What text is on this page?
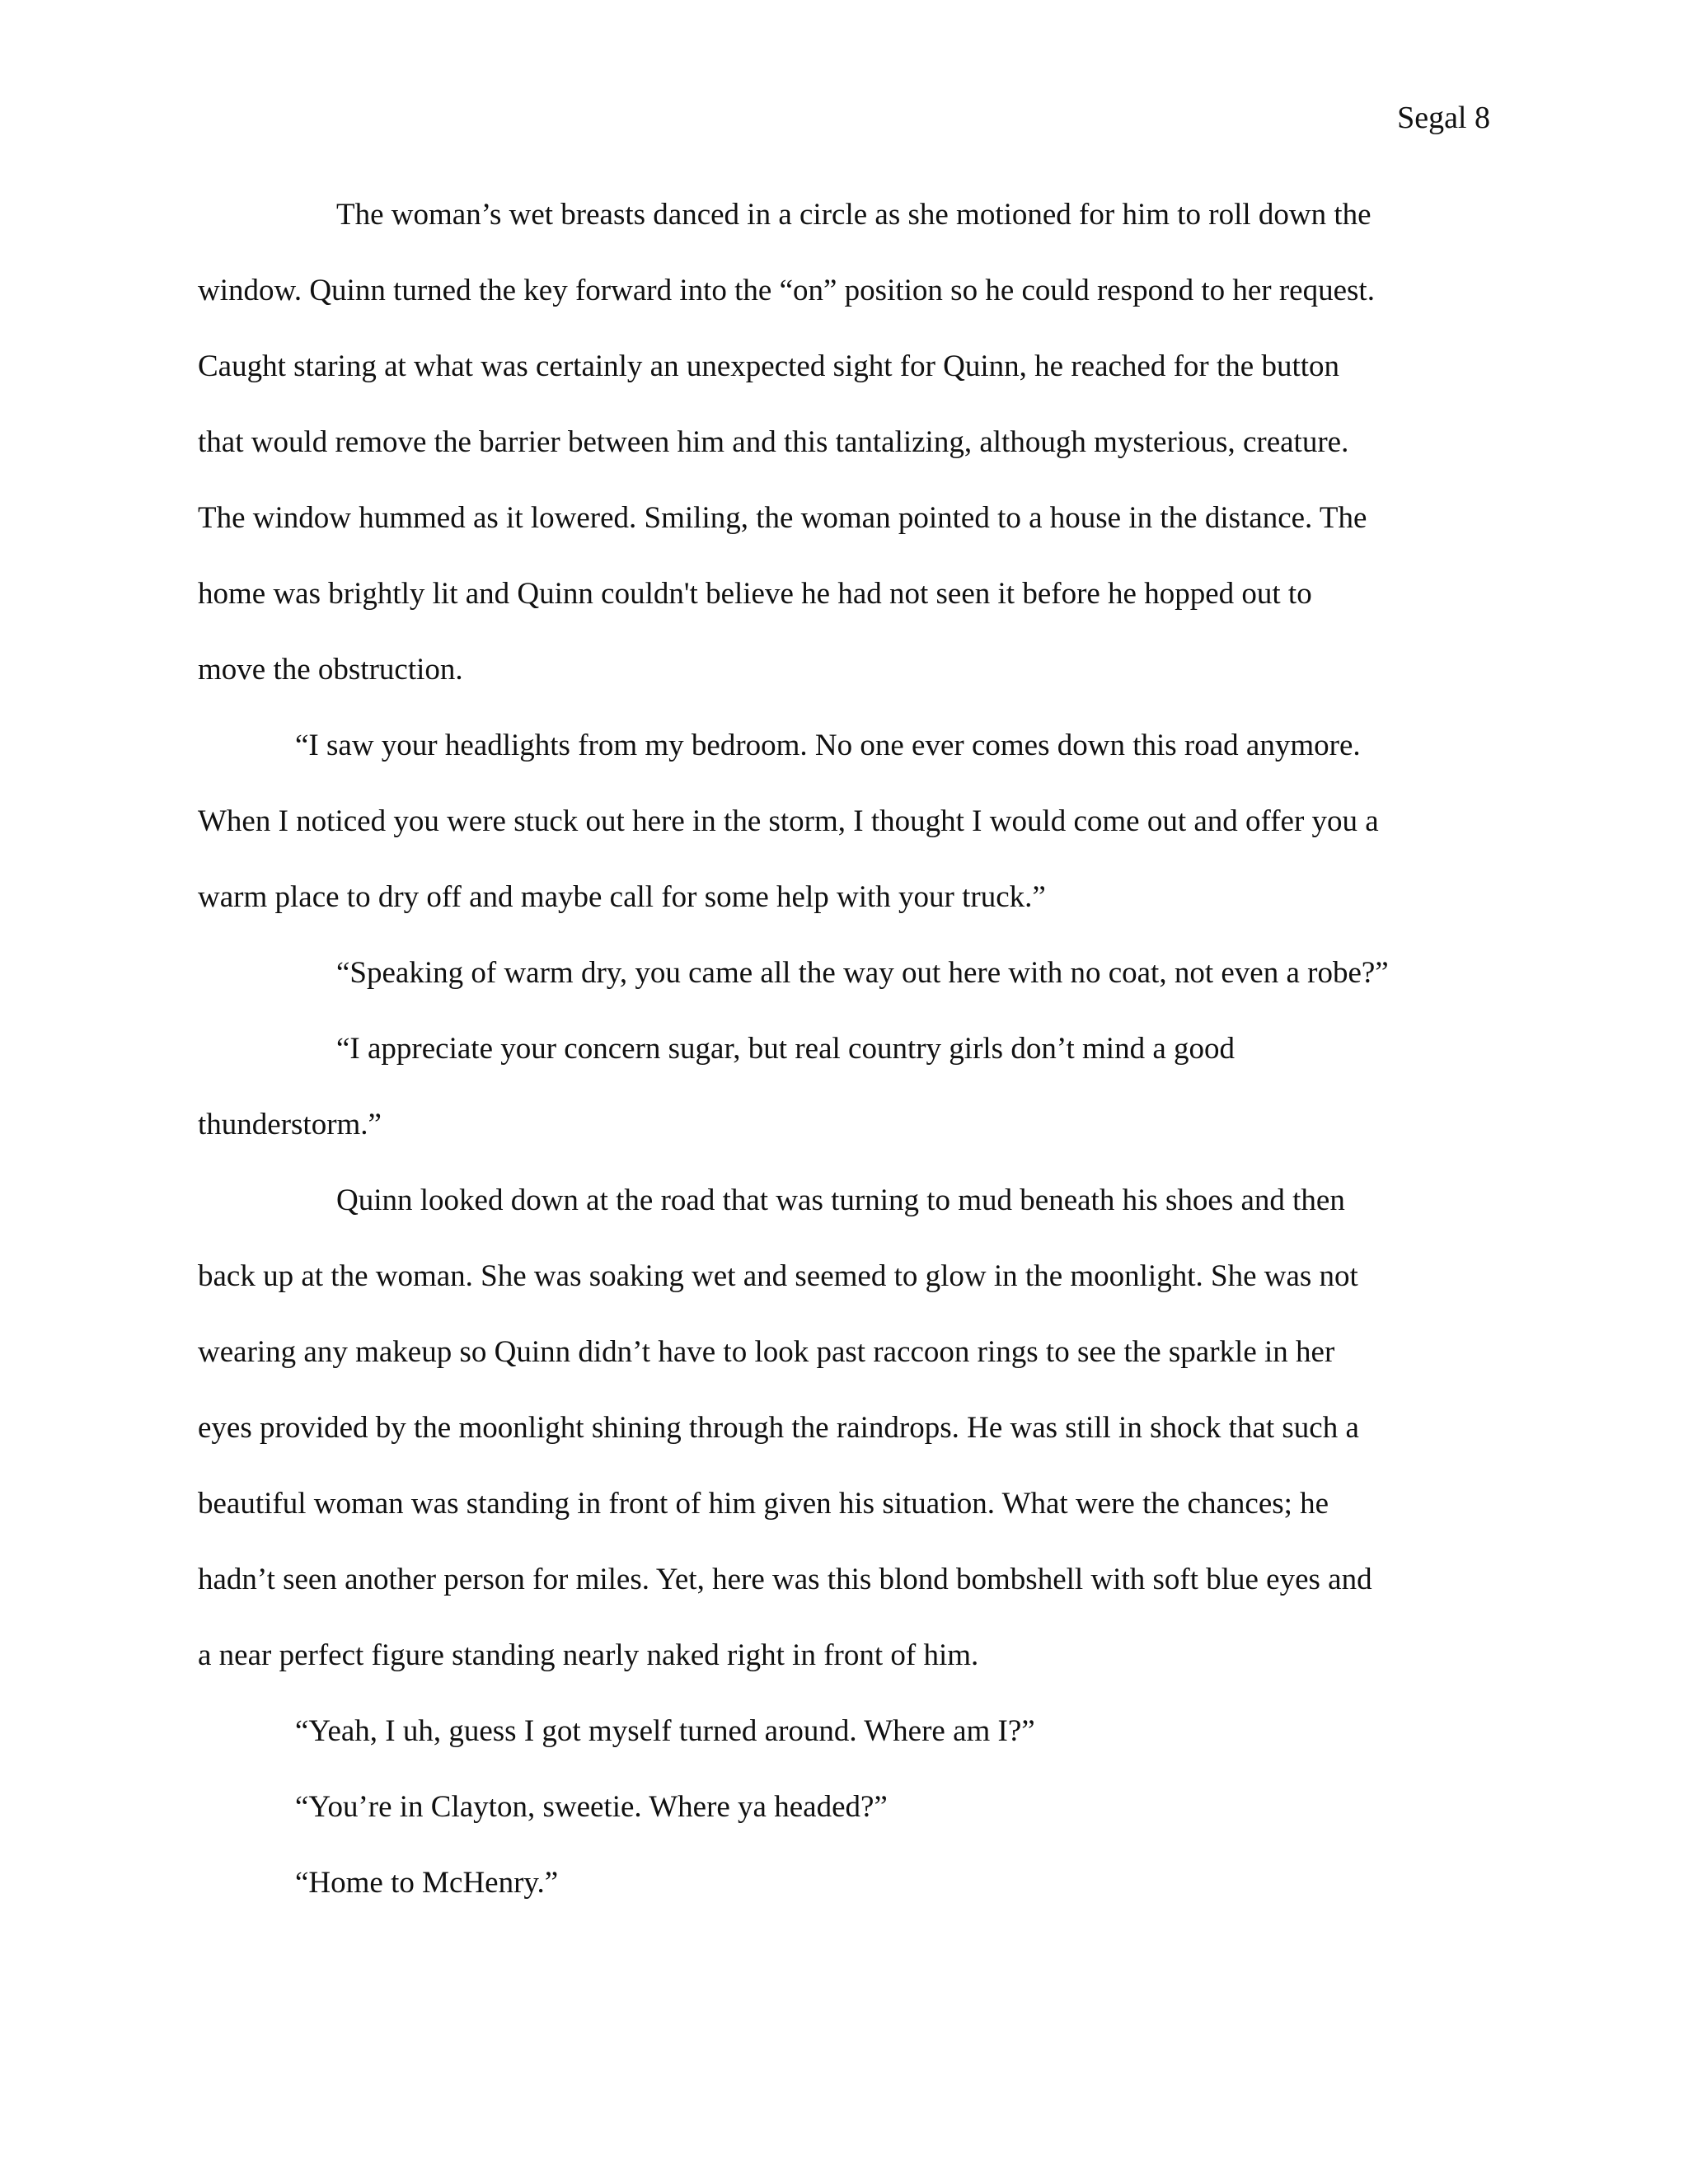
Segal 8
The woman’s wet breasts danced in a circle as she motioned for him to roll down the
window. Quinn turned the key forward into the “on” position so he could respond to her request.
Caught staring at what was certainly an unexpected sight for Quinn, he reached for the button
that would remove the barrier between him and this tantalizing, although mysterious, creature.
The window hummed as it lowered. Smiling, the woman pointed to a house in the distance. The
home was brightly lit and Quinn couldn't believe he had not seen it before he hopped out to
move the obstruction.
“I saw your headlights from my bedroom. No one ever comes down this road anymore.
When I noticed you were stuck out here in the storm, I thought I would come out and offer you a
warm place to dry off and maybe call for some help with your truck.”
“Speaking of warm dry, you came all the way out here with no coat, not even a robe?”
“I appreciate your concern sugar, but real country girls don’t mind a good
thunderstorm.”
Quinn looked down at the road that was turning to mud beneath his shoes and then
back up at the woman. She was soaking wet and seemed to glow in the moonlight. She was not
wearing any makeup so Quinn didn’t have to look past raccoon rings to see the sparkle in her
eyes provided by the moonlight shining through the raindrops. He was still in shock that such a
beautiful woman was standing in front of him given his situation. What were the chances; he
hadn’t seen another person for miles. Yet, here was this blond bombshell with soft blue eyes and
a near perfect figure standing nearly naked right in front of him.
“Yeah, I uh, guess I got myself turned around. Where am I?”
“You’re in Clayton, sweetie. Where ya headed?”
“Home to McHenry.”
